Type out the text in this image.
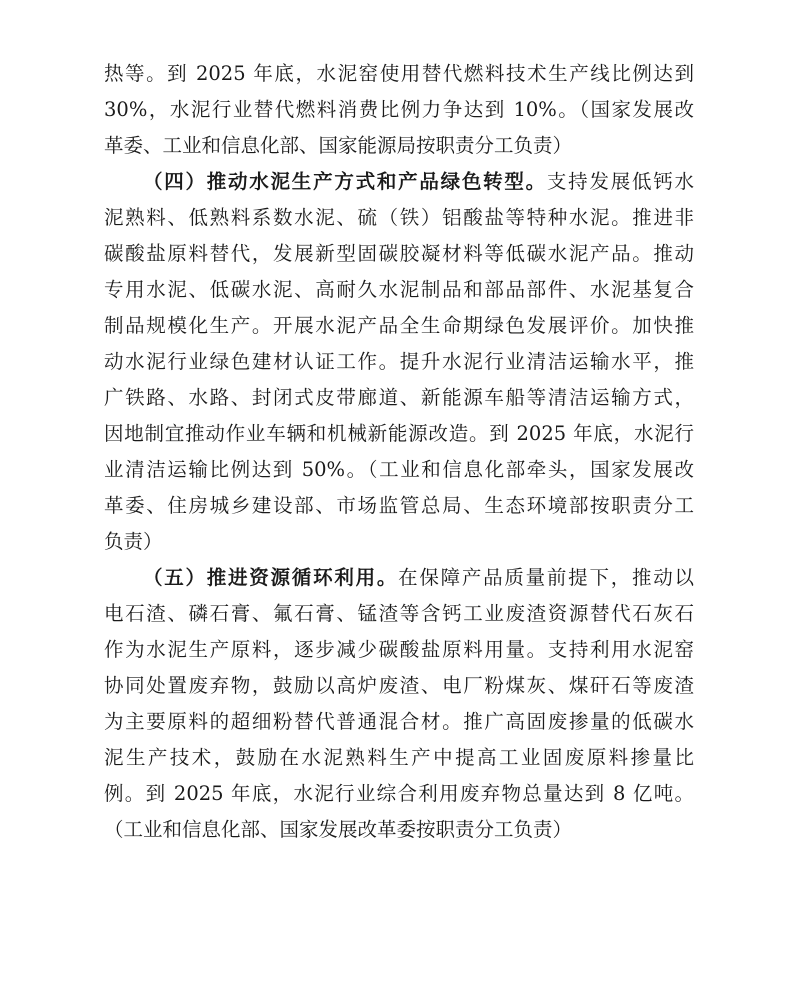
热等。到 2025 年底，水泥窑使用替代燃料技术生产线比例达到
30%，水泥行业替代燃料消费比例力争达到 10%。（国家发展改
革委、工业和信息化部、国家能源局按职责分工负责）
（四）推动水泥生产方式和产品绿色转型。支持发展低钙水
泥熟料、低熟料系数水泥、硫（铁）铝酸盐等特种水泥。推进非
碳酸盐原料替代，发展新型固碳胶凝材料等低碳水泥产品。推动
专用水泥、低碳水泥、高耐久水泥制品和部品部件、水泥基复合
制品规模化生产。开展水泥产品全生命期绿色发展评价。加快推
动水泥行业绿色建材认证工作。提升水泥行业清洁运输水平，推
广铁路、水路、封闭式皮带廊道、新能源车船等清洁运输方式，
因地制宜推动作业车辆和机械新能源改造。到 2025 年底，水泥行
业清洁运输比例达到 50%。（工业和信息化部牵头，国家发展改
革委、住房城乡建设部、市场监管总局、生态环境部按职责分工
负责）
（五）推进资源循环利用。在保障产品质量前提下，推动以
电石渣、磷石膏、氟石膏、锰渣等含钙工业废渣资源替代石灰石
作为水泥生产原料，逐步减少碳酸盐原料用量。支持利用水泥窑
协同处置废弃物，鼓励以高炉废渣、电厂粉煤灰、煤矸石等废渣
为主要原料的超细粉替代普通混合材。推广高固废掺量的低碳水
泥生产技术，鼓励在水泥熟料生产中提高工业固废原料掺量比
例。到 2025 年底，水泥行业综合利用废弃物总量达到 8 亿吨。
（工业和信息化部、国家发展改革委按职责分工负责）
